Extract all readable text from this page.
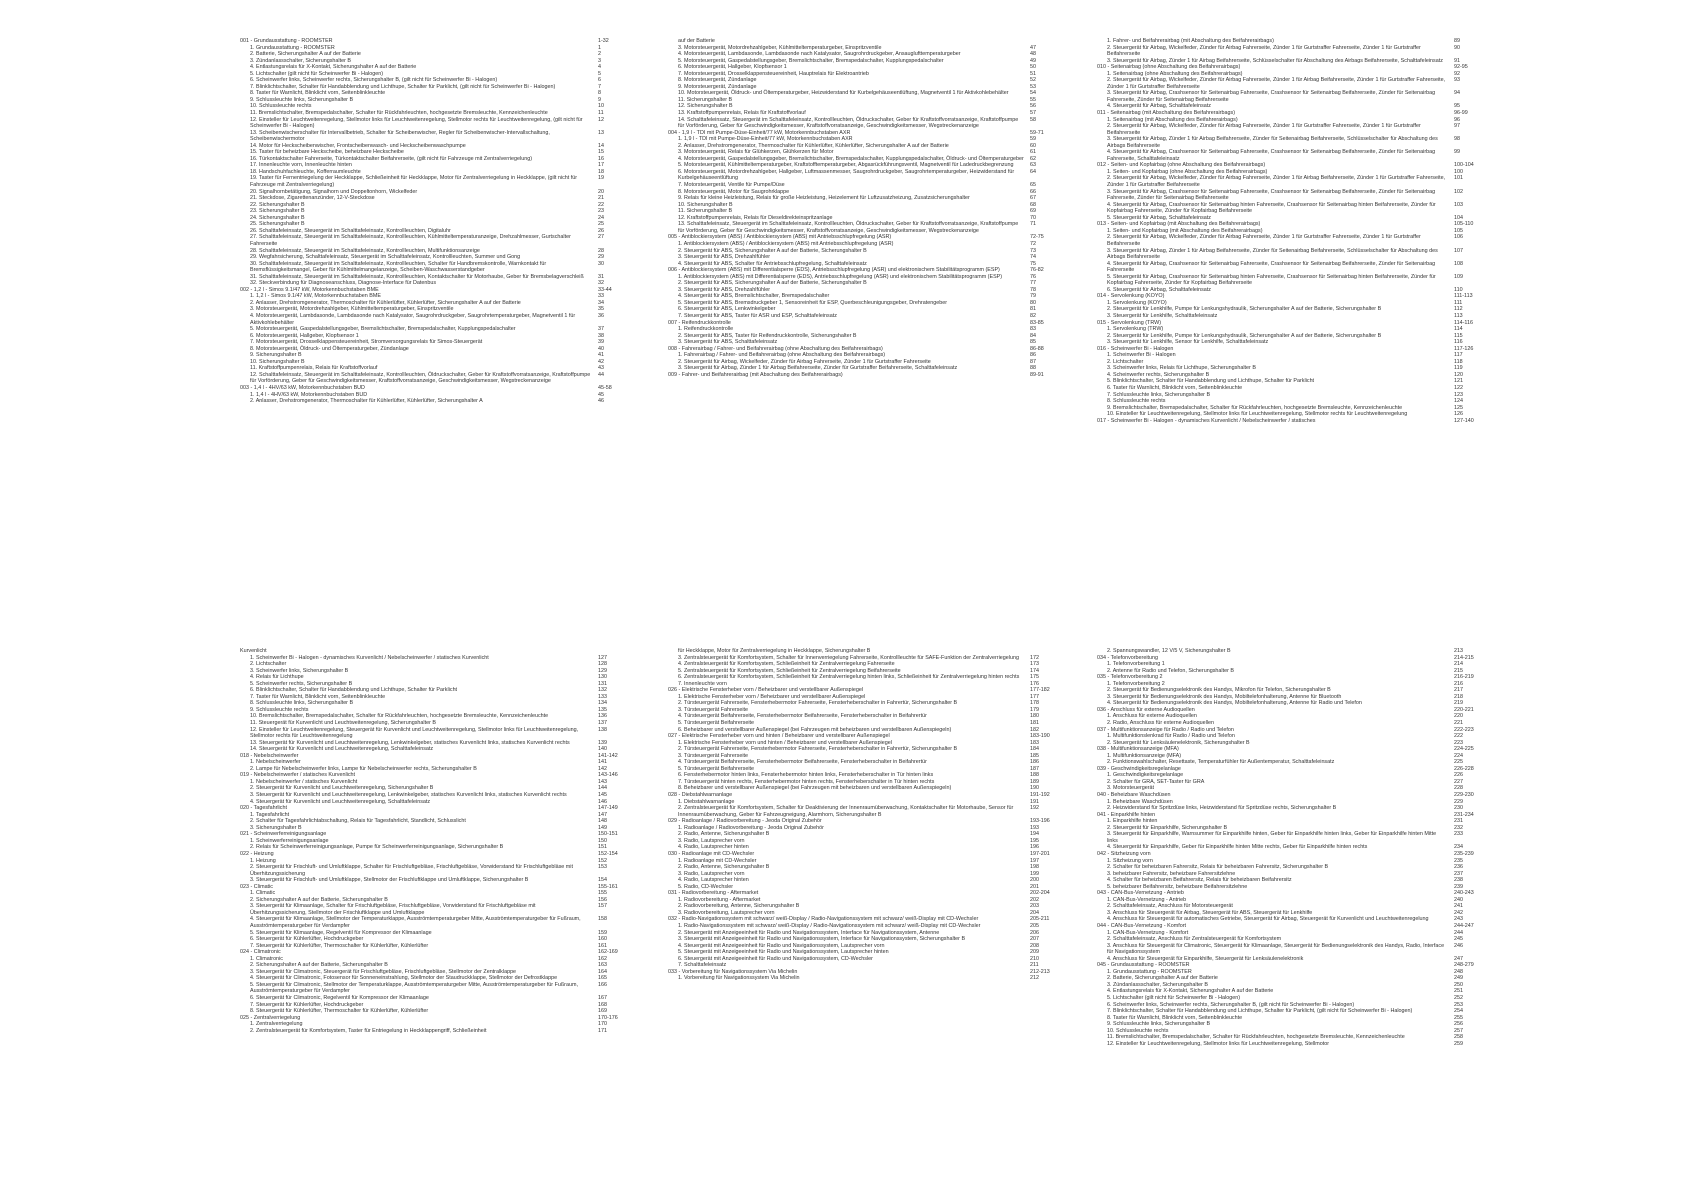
001 - Grundausstattung - ROOMSTER	1-32
1. Grundausstattung - ROOMSTER	1
2. Batterie, Sicherungshalter A auf der Batterie	2
3. Zündanlassschalter, Sicherungshalter B	3
4. Entlastungsrelais für X-Kontakt, Sicherungshalter A auf der Batterie	4
5. Lichtschalter (gilt nicht für Scheinwerfer Bi - Halogen)	5
6. Scheinwerfer links, Scheinwerfer rechts, Sicherungshalter B, (gilt nicht für Scheinwerfer Bi - Halogen)	6
7. Blinklichtschalter, Schalter für Handabblendung und Lichthupe, Schalter für Parklicht, (gilt nicht für Scheinwerfer Bi - Halogen)	7
8. Taster für Warnlicht, Blinklicht vorn, Seitenblinkleuchte	8
9. Schlussleuchte links, Sicherungshalter B	9
10. Schlussleuchte rechts	10
11. Bremslichtschalter, Bremspedalschalter, Schalter für Rückfahrleuchten, hochgesetzte Bremsleuchte, Kennzeichenleuchte	11
12. Einsteller für Leuchtweitenregelung, Stellmotor links für Leuchtweitenregelung, Stellmotor rechts für Leuchtweitenregelung, (gilt nicht für Scheinwerfer Bi - Halogen)
12
13. Scheibenwischerschalter für Intervallbetrieb, Schalter für Scheibenwischer, Regler für Scheibenwischer-Intervallschaltung, Scheibenwischermotor
13
14. Motor für Heckscheibenwischer, Frontscheibenwasch- und Heckscheibenwaschpumpe	14
15. Taster für beheizbare Heckscheibe, beheizbare Heckscheibe	15
16. Türkontaktschalter Fahrerseite, Türkontaktschalter Beifahrerseite, (gilt nicht für Fahrzeuge mit Zentralverriegelung)	16
17. Innenleuchte vorn, Innenleuchte hinten	17
18. Handschuhfachleuchte, Kofferraumleuchte	18
19. Taster für Fernentriegelung der Heckklappe, Schließeinheit für Heckklappe, Motor für Zentralverriegelung in Heckklappe, (gilt nicht für Fahrzeuge mit Zentralverriegelung)
19
20. Signalhornbetätigung, Signalhorn und Doppeltonhorn, Wickelfeder	20
21. Steckdose, Zigarettenanzünder, 12-V-Steckdose	21
22. Sicherungshalter B	22
23. Sicherungshalter B	23
24. Sicherungshalter B	24
25. Sicherungshalter B	25
26. Schalttafeleinsatz, Steuergerät im Schalttafeleinsatz, Kontrollleuchten, Digitaluhr	26
27. Schalttafeleinsatz, Steuergerät im Schalttafeleinsatz, Kontrollleuchten, Kühlmitteltemperaturanzeige, Drehzahlmesser, Gurtschalter Fahrerseite
27
28. Schalttafeleinsatz, Steuergerät im Schalttafeleinsatz, Kontrollleuchten, Multifunktionsanzeige	28
29. Wegfahrsicherung, Schalttafeleinsatz, Steuergerät im Schalttafeleinsatz, Kontrollleuchten, Summer und Gong	29
30. Schalttafeleinsatz, Steuergerät im Schalttafeleinsatz, Kontrollleuchten, Schalter für Handbremskontrolle, Warnkontakt für Bremsflüssigkeitsmangel, Geber für Kühlmittelmangelanzeige, Scheiben-Waschwasserstandgeber
30
31. Schalttafeleinsatz, Steuergerät im Schalttafeleinsatz, Kontrollleuchten, Kontaktschalter für Motorhaube, Geber für Bremsbelagverschleiß	31
32. Steckverbindung für Diagnoseanschluss, Diagnose-Interface für Datenbus	32
002 - 1,2 l - Simos 9.1/47 kW, Motorkennbuchstaben BME	33-44
1. 1,2 l - Simos 9.1/47 kW, Motorkennbuchstaben BME	33
2. Anlasser, Drehstromgenerator, Thermoschalter für Kühlerlüfter, Kühlerlüfter, Sicherungshalter A auf der Batterie	34
3. Motorsteuergerät, Motordrehzahlgeber, Kühlmitteltemperaturgeber, Einspritzventile	35
4. Motorsteuergerät, Lambdasonde, Lambdasonde nach Katalysator, Saugrohrdruckgeber, Saugrohrtemperaturgeber, Magnetventil 1 für Aktivkohlebehälter
36
5. Motorsteuergerät, Gaspedalstellungsgeber, Bremslichtschalter, Bremspedalschalter, Kupplungspedalschalter	37
6. Motorsteuergerät, Hallgeber, Klopfsensor 1	38
7. Motorsteuergerät, Drosselklappensteuereinheit, Stromversorgungsrelais für Simos-Steuergerät	39
8. Motorsteuergerät, Öldruck- und Öltemperaturgeber, Zündanlage	40
9. Sicherungshalter B	41
10. Sicherungshalter B	42
11. Kraftstoffpumpenrelais, Relais für Kraftstoffvorlauf	43
12. Schalttafeleinsatz, Steuergerät im Schalttafeleinsatz, Kontrollleuchten, Öldruckschalter, Geber für Kraftstoffvorratsanzeige, Kraftstoffpumpe für Vorförderung, Geber für Geschwindigkeitsmesser, Kraftstoffvorratsanzeige, Geschwindigkeitsmesser, Wegstreckenanzeige
44
003 - 1,4 l - 4HV/63 kW, Motorkennbuchstaben BUD	45-58
1. 1,4 l - 4HV/63 kW, Motorkennbuchstaben BUD	45
2. Anlasser, Drehstromgenerator, Thermoschalter für Kühlerlüfter, Kühlerlüfter, Sicherungshalter A	46
auf der Batterie
3. Motorsteuergerät, Motordrehzahlgeber, Kühlmitteltemperaturgeber, Einspritzventile	47
4. Motorsteuergerät, Lambdasonde, Lambdasonde nach Katalysator, Saugrohrdruckgeber, Ansauglufttemperaturgeber	48
5. Motorsteuergerät, Gaspedalstellungsgeber, Bremslichtschalter, Bremspedalschalter, Kupplungspedalschalter	49
6. Motorsteuergerät, Hallgeber, Klopfsensor 1	50
7. Motorsteuergerät, Drosselklappensteuereinheit, Hauptrelais für Elektroantrieb	51
8. Motorsteuergerät, Zündanlage	52
9. Motorsteuergerät, Zündanlage	53
10. Motorsteuergerät, Öldruck- und Öltemperaturgeber, Heizwiderstand für Kurbelgehäuseentlüftung, Magnetventil 1 für Aktivkohlebehälter	54
11. Sicherungshalter B	55
12. Sicherungshalter B	56
13. Kraftstoffpumpenrelais, Relais für Kraftstoffvorlauf	57
14. Schalttafeleinsatz, Steuergerät im Schalttafeleinsatz, Kontrollleuchten, Öldruckschalter, Geber für Kraftstoffvorratsanzeige, Kraftstoffpumpe für Vorförderung, Geber für Geschwindigkeitsmesser, Kraftstoffvorratsanzeige, Geschwindigkeitsmesser, Wegstreckenanzeige
58
004 - 1,9 l - TDI mit Pumpe-Düse-Einheit/77 kW, Motorkennbuchstaben AXR	59-71
1. 1,9 l - TDI mit Pumpe-Düse-Einheit/77 kW, Motorkennbuchstaben AXR	59
2. Anlasser, Drehstromgenerator, Thermoschalter für Kühlerlüfter, Kühlerlüfter, Sicherungshalter A auf der Batterie	60
3. Motorsteuergerät, Relais für Glühkerzen, Glühkerzen für Motor	61
4. Motorsteuergerät, Gaspedalstellungsgeber, Bremslichtschalter, Bremspedalschalter, Kupplungspedalschalter, Öldruck- und Öltemperaturgeber	62
5. Motorsteuergerät, Kühlmitteltemperaturgeber, Kraftstofftemperaturgeber, Abgasrückführungsventil, Magnetventil für Ladedruckbegrenzung	63
6. Motorsteuergerät, Motordrehzahlgeber, Hallgeber, Luftmassenmesser, Saugrohrdruckgeber, Saugrohrtemperaturgeber, Heizwiderstand für Kurbelgehäuseentlüftung
64
7. Motorsteuergerät, Ventile für Pumpe/Düse	65
8. Motorsteuergerät, Motor für Saugrohrklappe	66
9. Relais für kleine Heizleistung, Relais für große Heizleistung, Heizelement für Luftzusatzheizung, Zusatzsicherungshalter	67
10. Sicherungshalter B	68
11. Sicherungshalter B	69
12. Kraftstoffpumpenrelais, Relais für Dieseldirekteinspritzanlage	70
13. Schalttafeleinsatz, Steuergerät im Schalttafeleinsatz, Kontrollleuchten, Öldruckschalter, Geber für Kraftstoffvorratsanzeige, Kraftstoffpumpe für Vorförderung, Geber für Geschwindigkeitsmesser, Kraftstoffvorratsanzeige, Geschwindigkeitsmesser, Wegstreckenanzeige
71
005 - Antiblockiersystem (ABS) / Antiblockiersystem (ABS) mit Antriebsschlupfregelung (ASR)	72-75
1. Antiblockiersystem (ABS) / Antiblockiersystem (ABS) mit Antriebsschlupfregelung (ASR)	72
2. Steuergerät für ABS, Sicherungshalter A auf der Batterie, Sicherungshalter B	73
3. Steuergerät für ABS, Drehzahlfühler	74
4. Steuergerät für ABS, Schalter für Antriebsschlupfregelung, Schalttafeleinsatz	75
006 - Antiblockiersystem (ABS) mit Differentialsperre (EDS), Antriebsschlupfregelung (ASR) und elektronischem Stabilitätsprogramm (ESP)	76-82
1. Antiblockiersystem (ABS) mit Differentialsperre (EDS), Antriebsschlupfregelung (ASR) und elektronischem Stabilitätsprogramm (ESP)	76
2. Steuergerät für ABS, Sicherungshalter A auf der Batterie, Sicherungshalter B	77
3. Steuergerät für ABS, Drehzahlfühler	78
4. Steuergerät für ABS, Bremslichtschalter, Bremspedalschalter	79
5. Steuergerät für ABS, Bremsdruckgeber 1, Sensoreinheit für ESP, Querbeschleunigungsgeber, Drehratengeber	80
6. Steuergerät für ABS, Lenkwinkelgeber	81
7. Steuergerät für ABS, Taster für ASR und ESP, Schalttafeleinsatz	82
007 - Reifendruckkontrolle	83-85
1. Reifendruckkontrolle	83
2. Steuergerät für ABS, Taster für Reifendruckkontrolle, Sicherungshalter B	84
3. Steuergerät für ABS, Schalttafeleinsatz	85
008 - Fahrerairbag / Fahrer- und Beifahrerairbag (ohne Abschaltung des Beifahrerairbags)	86-88
1. Fahrerairbag / Fahrer- und Beifahrerairbag (ohne Abschaltung des Beifahrerairbags)	86
2. Steuergerät für Airbag, Wickelfeder, Zünder für Airbag Fahrerseite, Zünder 1 für Gurtstraffer Fahrerseite	87
3. Steuergerät für Airbag, Zünder 1 für Airbag Beifahrerseite, Zünder für Gurtstraffer Beifahrerseite, Schalttafeleinsatz	88
009 - Fahrer- und Beifahrerairbag (mit Abschaltung des Beifahrerairbags)	89-91
1. Fahrer- und Beifahrerairbag (mit Abschaltung des Beifahrerairbags)	89
2. Steuergerät für Airbag, Wickelfeder, Zünder für Airbag Fahrerseite, Zünder 1 für Gurtstraffer Fahrerseite, Zünder 1 für Gurtstraffer Beifahrerseite
90
3. Steuergerät für Airbag, Zünder 1 für Airbag Beifahrerseite, Schlüsselschalter für Abschaltung des Airbags Beifahrerseite, Schalttafeleinsatz	91
010 - Seitenairbag (ohne Abschaltung des Beifahrerairbags)	92-95
1. Seitenairbag (ohne Abschaltung des Beifahrerairbags)	92
2. Steuergerät für Airbag, Wickelfeder, Zünder für Airbag Fahrerseite, Zünder 1 für Airbag Beifahrerseite, Zünder 1 für Gurtstraffer Fahrerseite, Zünder 1 für Gurtstraffer Beifahrerseite
93
3. Steuergerät für Airbag, Crashsensor für Seitenairbag Fahrerseite, Crashsensor für Seitenairbag Beifahrerseite, Zünder für Seitenairbag Fahrerseite, Zünder für Seitenairbag Beifahrerseite
94
4. Steuergerät für Airbag, Schalttafeleinsatz	95
011 - Seitenairbag (mit Abschaltung des Beifahrerairbags)	96-99
1. Seitenairbag (mit Abschaltung des Beifahrerairbags)	96
2. Steuergerät für Airbag, Wickelfeder, Zünder für Airbag Fahrerseite, Zünder 1 für Gurtstraffer Fahrerseite, Zünder 1 für Gurtstraffer Beifahrerseite
97
3. Steuergerät für Airbag, Zünder 1 für Airbag Beifahrerseite, Zünder für Seitenairbag Beifahrerseite, Schlüsselschalter für Abschaltung des Airbags Beifahrerseite
98
4. Steuergerät für Airbag, Crashsensor für Seitenairbag Fahrerseite, Crashsensor für Seitenairbag Beifahrerseite, Zünder für Seitenairbag Fahrerseite, Schalttafeleinsatz
99
012 - Seiten- und Kopfairbag (ohne Abschaltung des Beifahrerairbags)	100-104
1. Seiten- und Kopfairbag (ohne Abschaltung des Beifahrerairbags)	100
2. Steuergerät für Airbag, Wickelfeder, Zünder für Airbag Fahrerseite, Zünder 1 für Airbag Beifahrerseite, Zünder 1 für Gurtstraffer Fahrerseite, Zünder 1 für Gurtstraffer Beifahrerseite
101
3. Steuergerät für Airbag, Crashsensor für Seitenairbag Fahrerseite, Crashsensor für Seitenairbag Beifahrerseite, Zünder für Seitenairbag Fahrerseite, Zünder für Seitenairbag Beifahrerseite
102
4. Steuergerät für Airbag, Crashsensor für Seitenairbag hinten Fahrerseite, Crashsensor für Seitenairbag hinten Beifahrerseite, Zünder für Kopfairbag Fahrerseite, Zünder für Kopfairbag Beifahrerseite
103
5. Steuergerät für Airbag, Schalttafeleinsatz	104
013 - Seiten- und Kopfairbag (mit Abschaltung des Beifahrerairbags)	105-110
1. Seiten- und Kopfairbag (mit Abschaltung des Beifahrerairbags)	105
2. Steuergerät für Airbag, Wickelfeder, Zünder für Airbag Fahrerseite, Zünder 1 für Gurtstraffer Fahrerseite, Zünder 1 für Gurtstraffer Beifahrerseite
106
3. Steuergerät für Airbag, Zünder 1 für Airbag Beifahrerseite, Zünder für Seitenairbag Beifahrerseite, Schlüsselschalter für Abschaltung des Airbags Beifahrerseite
107
4. Steuergerät für Airbag, Crashsensor für Seitenairbag Fahrerseite, Crashsensor für Seitenairbag Beifahrerseite, Zünder für Seitenairbag Fahrerseite
108
5. Steuergerät für Airbag, Crashsensor für Seitenairbag hinten Fahrerseite, Crashsensor für Seitenairbag hinten Beifahrerseite, Zünder für Kopfairbag Fahrerseite, Zünder für Kopfairbag Beifahrerseite
109
6. Steuergerät für Airbag, Schalttafeleinsatz	110
014 - Servolenkung (KOYO)	111-113
1. Servolenkung (KOYO)	111
2. Steuergerät für Lenkhilfe, Pumpe für Lenkungshydraulik, Sicherungshalter A auf der Batterie, Sicherungshalter B	112
3. Steuergerät für Lenkhilfe, Schalttafeleinsatz	113
015 - Servolenkung (TRW)	114-116
1. Servolenkung (TRW)	114
2. Steuergerät für Lenkhilfe, Pumpe für Lenkungshydraulik, Sicherungshalter A auf der Batterie, Sicherungshalter B	115
3. Steuergerät für Lenkhilfe, Sensor für Lenkhilfe, Schalttafeleinsatz	116
016 - Scheinwerfer Bi - Halogen	117-126
1. Scheinwerfer Bi - Halogen	117
2. Lichtschalter	118
3. Scheinwerfer links, Relais für Lichthupe, Sicherungshalter B	119
4. Scheinwerfer rechts, Sicherungshalter B	120
5. Blinklichtschalter, Schalter für Handabblendung und Lichthupe, Schalter für Parklicht	121
6. Taster für Warnlicht, Blinklicht vorn, Seitenblinkleuchte	122
7. Schlussleuchte links, Sicherungshalter B	123
8. Schlussleuchte rechts	124
9. Bremslichtschalter, Bremspedalschalter, Schalter für Rückfahrleuchten, hochgesetzte Bremsleuchte, Kennzeichenleuchte	125
10. Einsteller für Leuchtweitenregelung, Stellmotor links für Leuchtweitenregelung, Stellmotor rechts für Leuchtweitenregelung	126
017 - Scheinwerfer Bi - Halogen - dynamisches Kurvenlicht / Nebelscheinwerfer / statisches	127-140
Kurvenlicht
1. Scheinwerfer Bi - Halogen - dynamisches Kurvenlicht / Nebelscheinwerfer / statisches Kurvenlicht	127
2. Lichtschalter	128
3. Scheinwerfer links, Sicherungshalter B	129
4. Relais für Lichthupe	130
5. Scheinwerfer rechts, Sicherungshalter B	131
6. Blinklichtschalter, Schalter für Handabblendung und Lichthupe, Schalter für Parklicht	132
7. Taster für Warnlicht, Blinklicht vorn, Seitenblinkleuchte	133
8. Schlussleuchte links, Sicherungshalter B	134
9. Schlussleuchte rechts	135
10. Bremslichtschalter, Bremspedalschalter, Schalter für Rückfahrleuchten, hochgesetzte Bremsleuchte, Kennzeichenleuchte	136
11. Steuergerät für Kurvenlicht und Leuchtweitenregelung, Sicherungshalter B	137
12. Einsteller für Leuchtweitenregelung, Steuergerät für Kurvenlicht und Leuchtweitenregelung, Stellmotor links für Leuchtweitenregelung, Stellmotor rechts für Leuchtweitenregelung
138
13. Steuergerät für Kurvenlicht und Leuchtweitenregelung, Lenkwinkelgeber, statisches Kurvenlicht links, statisches Kurvenlicht rechts	139
14. Steuergerät für Kurvenlicht und Leuchtweitenregelung, Schalttafeleinsatz	140
018 - Nebelscheinwerfer	141-142
1. Nebelscheinwerfer	141
2. Lampe für Nebelscheinwerfer links, Lampe für Nebelscheinwerfer rechts, Sicherungshalter B	142
019 - Nebelscheinwerfer / statisches Kurvenlicht	143-146
1. Nebelscheinwerfer / statisches Kurvenlicht	143
2. Steuergerät für Kurvenlicht und Leuchtweitenregelung, Sicherungshalter B	144
3. Steuergerät für Kurvenlicht und Leuchtweitenregelung, Lenkwinkelgeber, statisches Kurvenlicht links, statisches Kurvenlicht rechts	145
4. Steuergerät für Kurvenlicht und Leuchtweitenregelung, Schalttafeleinsatz	146
020 - Tagesfahrlicht	147-149
1. Tagesfahrlicht	147
2. Schalter für Tagesfahrlichtabschaltung, Relais für Tagesfahrlicht, Standlicht, Schlusslicht	148
3. Sicherungshalter B	149
021 - Scheinwerferreinigungsanlage	150-151
1. Scheinwerferreinigungsanlage	150
2. Relais für Scheinwerferreinigungsanlage, Pumpe für Scheinwerferreinigungsanlage, Sicherungshalter B	151
022 - Heizung	152-154
1. Heizung	152
2. Steuergerät für Frischluft- und Umluftklappe, Schalter für Frischluftgebläse, Frischluftgebläse, Vorwiderstand für Frischluftgebläse mit Überhitzungssicherung
153
3. Steuergerät für Frischluft- und Umluftklappe, Stellmotor der Frischluftklappe und Umluftklappe, Sicherungshalter B	154
023 - Climatic	155-161
1. Climatic	155
2. Sicherungshalter A auf der Batterie, Sicherungshalter B	156
3. Steuergerät für Klimaanlage, Schalter für Frischluftgebläse, Frischluftgebläse, Vorwiderstand für Frischluftgebläse mit Überhitzungssicherung, Stellmotor der Frischluftklappe und Umluftklappe
157
4. Steuergerät für Klimaanlage, Stellmotor der Temperaturklappe, Ausströmtemperaturgeber Mitte, Ausströmtemperaturgeber für Fußraum, Ausströmtemperaturgeber für Verdampfer
158
5. Steuergerät für Klimaanlage, Regelventil für Kompressor der Klimaanlage	159
6. Steuergerät für Kühlerlüfter, Hochdruckgeber	160
7. Steuergerät für Kühlerlüfter, Thermoschalter für Kühlerlüfter, Kühlerlüfter	161
024 - Climatronic	162-169
1. Climatronic	162
2. Sicherungshalter A auf der Batterie, Sicherungshalter B	163
3. Steuergerät für Climatronic, Steuergerät für Frischluftgebläse, Frischluftgebläse, Stellmotor der Zentralklappe	164
4. Steuergerät für Climatronic, Fotosensor für Sonneneinstrahlung, Stellmotor der Staudruckklappe, Stellmotor der Defrostklappe	165
5. Steuergerät für Climatronic, Stellmotor der Temperaturklappe, Ausströmtemperaturgeber Mitte, Ausströmtemperaturgeber für Fußraum, Ausströmtemperaturgeber für Verdampfer
166
6. Steuergerät für Climatronic, Regelventil für Kompressor der Klimaanlage	167
7. Steuergerät für Kühlerlüfter, Hochdruckgeber	168
8. Steuergerät für Kühlerlüfter, Thermoschalter für Kühlerlüfter, Kühlerlüfter	169
025 - Zentralverriegelung	170-176
1. Zentralverriegelung	170
2. Zentralsteuergerät für Komfortsystem, Taster für Entriegelung in Heckklappengriff, Schließeinheit	171
für Heckklappe, Motor für Zentralverriegelung in Heckklappe, Sicherungshalter B
3. Zentralsteuergerät für Komfortsystem, Schalter für Innenverriegelung Fahrerseite, Kontrollleuchte für SAFE-Funktion der Zentralverriegelung	172
4. Zentralsteuergerät für Komfortsystem, Schließeinheit für Zentralverriegelung Fahrerseite	173
5. Zentralsteuergerät für Komfortsystem, Schließeinheit für Zentralverriegelung Beifahrerseite	174
6. Zentralsteuergerät für Komfortsystem, Schließeinheit für Zentralverriegelung hinten links, Schließeinheit für Zentralverriegelung hinten rechts	175
7. Innenleuchte vorn	176
026 - Elektrische Fensterheber vorn / Beheizbarer und verstellbarer Außenspiegel	177-182
1. Elektrische Fensterheber vorn / Beheizbarer und verstellbarer Außenspiegel	177
2. Türsteuergerät Fahrerseite, Fensterhebermotor Fahrerseite, Fensterheberschalter in Fahrertür, Sicherungshalter B	178
3. Türsteuergerät Fahrerseite	179
4. Türsteuergerät Beifahrerseite, Fensterhebermotor Beifahrerseite, Fensterheberschalter in Beifahrertür	180
5. Türsteuergerät Beifahrerseite	181
6. Beheizbarer und verstellbarer Außenspiegel (bei Fahrzeugen mit beheizbaren und verstellbaren Außenspiegeln)	182
027 - Elektrische Fensterheber vorn und hinten / Beheizbarer und verstellbarer Außenspiegel	183-190
1. Elektrische Fensterheber vorn und hinten / Beheizbarer und verstellbarer Außenspiegel	183
2. Türsteuergerät Fahrerseite, Fensterhebermotor Fahrerseite, Fensterheberschalter in Fahrertür, Sicherungshalter B	184
3. Türsteuergerät Fahrerseite	185
4. Türsteuergerät Beifahrerseite, Fensterhebermotor Beifahrerseite, Fensterheberschalter in Beifahrertür	186
5. Türsteuergerät Beifahrerseite	187
6. Fensterhebermotor hinten links, Fensterhebermotor hinten links, Fensterheberschalter in Tür hinten links	188
7. Türsteuergerät hinten rechts, Fensterhebermotor hinten rechts, Fensterheberschalter in Tür hinten rechts	189
8. Beheizbarer und verstellbarer Außenspiegel (bei Fahrzeugen mit beheizbaren und verstellbaren Außenspiegeln)	190
028 - Diebstahlwarnanlage	191-192
1. Diebstahlwarnanlage	191
2. Zentralsteuergerät für Komfortsystem, Schalter für Deaktivierung der Innenraumüberwachung, Kontaktschalter für Motorhaube, Sensor für Innenraumüberwachung, Geber für Fahrzeugneigung, Alarmhorn, Sicherungshalter B
192
029 - Radioanlage / Radiovorbereitung - Jeoda Original Zubehör	193-196
1. Radioanlage / Radiovorbereitung - Jeoda Original Zubehör	193
2. Radio, Antenne, Sicherungshalter B	194
3. Radio, Lautsprecher vorn	195
4. Radio, Lautsprecher hinten	196
030 - Radioanlage mit CD-Wechsler	197-201
1. Radioanlage mit CD-Wechsler	197
2. Radio, Antenne, Sicherungshalter B	198
3. Radio, Lautsprecher vorn	199
4. Radio, Lautsprecher hinten	200
5. Radio, CD-Wechsler	201
031 - Radiovorbereitung - Aftermarket	202-204
1. Radiovorbereitung - Aftermarket	202
2. Radiovorbereitung, Antenne, Sicherungshalter B	203
3. Radiovorbereitung, Lautsprecher vorn	204
032 - Radio-Navigationssystem mit schwarz/ weiß-Display / Radio-Navigationssystem mit schwarz/ weiß-Display mit CD-Wechsler	205-211
1. Radio-Navigationssystem mit schwarz/ weiß-Display / Radio-Navigationssystem mit schwarz/ weiß-Display mit CD-Wechsler	205
2. Steuergerät mit Anzeigeeinheit für Radio und Navigationssystem, Interface für Navigationssystem, Antenne	206
3. Steuergerät mit Anzeigeeinheit für Radio und Navigationssystem, Interface für Navigationssystem, Sicherungshalter B	207
4. Steuergerät mit Anzeigeeinheit für Radio und Navigationssystem, Lautsprecher vorn	208
5. Steuergerät mit Anzeigeeinheit für Radio und Navigationssystem, Lautsprecher hinten	209
6. Steuergerät mit Anzeigeeinheit für Radio und Navigationssystem, CD-Wechsler	210
7. Schalttafeleinsatz	211
033 - Vorbereitung für Navigationssystem Via Michelin	212-213
1. Vorbereitung für Navigationssystem Via Michelin	212
2. Spannungswandler, 12 V/5 V, Sicherungshalter B	213
034 - Telefonvorbereitung	214-215
1. Telefonvorbereitung 1	214
2. Antenne für Radio und Telefon, Sicherungshalter B	215
035 - Telefonvorbereitung 2	216-219
1. Telefonvorbereitung 2	216
2. Steuergerät für Bedienungselektronik des Handys, Mikrofon für Telefon, Sicherungshalter B	217
3. Steuergerät für Bedienungselektronik des Handys, Mobiltelefonhalterung, Antenne für Bluetooth	218
4. Steuergerät für Bedienungselektronik des Handys, Mobiltelefonhalterung, Antenne für Radio und Telefon	219
036 - Anschluss für externe Audioquellen	220-221
1. Anschluss für externe Audioquellen	220
2. Radio, Anschluss für externe Audioquellen	221
037 - Multifunktionsanzeige für Radio / Radio und Telefon	222-223
1. Multifunktionslenkrad für Radio / Radio und Telefon	222
2. Steuergerät für Lenksäulenelektronik, Sicherungshalter B	223
038 - Multifunktionsanzeige (MFA)	224-225
1. Multifunktionsanzeige (MFA)	224
2. Funktionswahlschalter, Resettaste, Temperaturfühler für Außentemperatur, Schalttafeleinsatz	225
039 - Geschwindigkeitsregelanlage	226-228
1. Geschwindigkeitsregelanlage	226
2. Schalter für GRA, SET-Taster für GRA	227
3. Motorsteuergerät	228
040 - Beheizbare Waschdüsen	229-230
1. Beheizbare Waschdüsen	229
2. Heizwiderstand für Spritzdüse links, Heizwiderstand für Spritzdüse rechts, Sicherungshalter B	230
041 - Einparkhilfe hinten	231-234
1. Einparkhilfe hinten	231
2. Steuergerät für Einparkhilfe, Sicherungshalter B	232
3. Steuergerät für Einparkhilfe, Warnsummer für Einparkhilfe hinten, Geber für Einparkhilfe hinten links, Geber für Einparkhilfe hinten Mitte links
233
4. Steuergerät für Einparkhilfe, Geber für Einparkhilfe hinten Mitte rechts, Geber für Einparkhilfe hinten rechts	234
042 - Sitzheizung vorn	235-239
1. Sitzheizung vorn	235
2. Schalter für beheizbaren Fahrersitz, Relais für beheizbaren Fahrersitz, Sicherungshalter B	236
3. beheizbarer Fahrersitz, beheizbare Fahrersitzlehne	237
4. Schalter für beheizbaren Beifahrersitz, Relais für beheizbaren Beifahrersitz	238
5. beheizbarer Beifahrersitz, beheizbare Beifahrersitzlehne	239
043 - CAN-Bus-Vernetzung - Antrieb	240-243
1. CAN-Bus-Vernetzung - Antrieb	240
2. Schalttafeleinsatz, Anschluss für Motorsteuergerät	241
3. Anschluss für Steuergerät für Airbag, Steuergerät für ABS, Steuergerät für Lenkhilfe	242
4. Anschluss für Steuergerät für automatisches Getriebe, Steuergerät für Airbag, Steuergerät für Kurvenlicht und Leuchtweitenregelung	243
044 - CAN-Bus-Vernetzung - Komfort	244-247
1. CAN-Bus-Vernetzung - Komfort	244
2. Schalttafeleinsatz, Anschluss für Zentralsteuergerät für Komfortsystem	245
3. Anschluss für Steuergerät für Climatronic, Steuergerät für Klimaanlage, Steuergerät für Bedienungselektronik des Handys, Radio, Interface für Navigationssystem
246
4. Anschluss für Steuergerät für Einparkhilfe, Steuergerät für Lenksäulenelektronik	247
045 - Grundausstattung - ROOMSTER	248-279
1. Grundausstattung - ROOMSTER	248
2. Batterie, Sicherungshalter A auf der Batterie	249
3. Zündanlassschalter, Sicherungshalter B	250
4. Entlastungsrelais für X-Kontakt, Sicherungshalter A auf der Batterie	251
5. Lichtschalter (gilt nicht für Scheinwerfer Bi - Halogen)	252
6. Scheinwerfer links, Scheinwerfer rechts, Sicherungshalter B, (gilt nicht für Scheinwerfer Bi - Halogen)	253
7. Blinklichtschalter, Schalter für Handabblendung und Lichthupe, Schalter für Parklicht, (gilt nicht für Scheinwerfer Bi - Halogen)	254
8. Taster für Warnlicht, Blinklicht vorn, Seitenblinkleuchte	255
9. Schlussleuchte links, Sicherungshalter B	256
10. Schlussleuchte rechts	257
11. Bremslichtschalter, Bremspedalschalter, Schalter für Rückfahrleuchten, hochgesetzte Bremsleuchte, Kennzeichenleuchte	258
12. Einsteller für Leuchtweitenregelung, Stellmotor links für Leuchtweitenregelung, Stellmotor	259
